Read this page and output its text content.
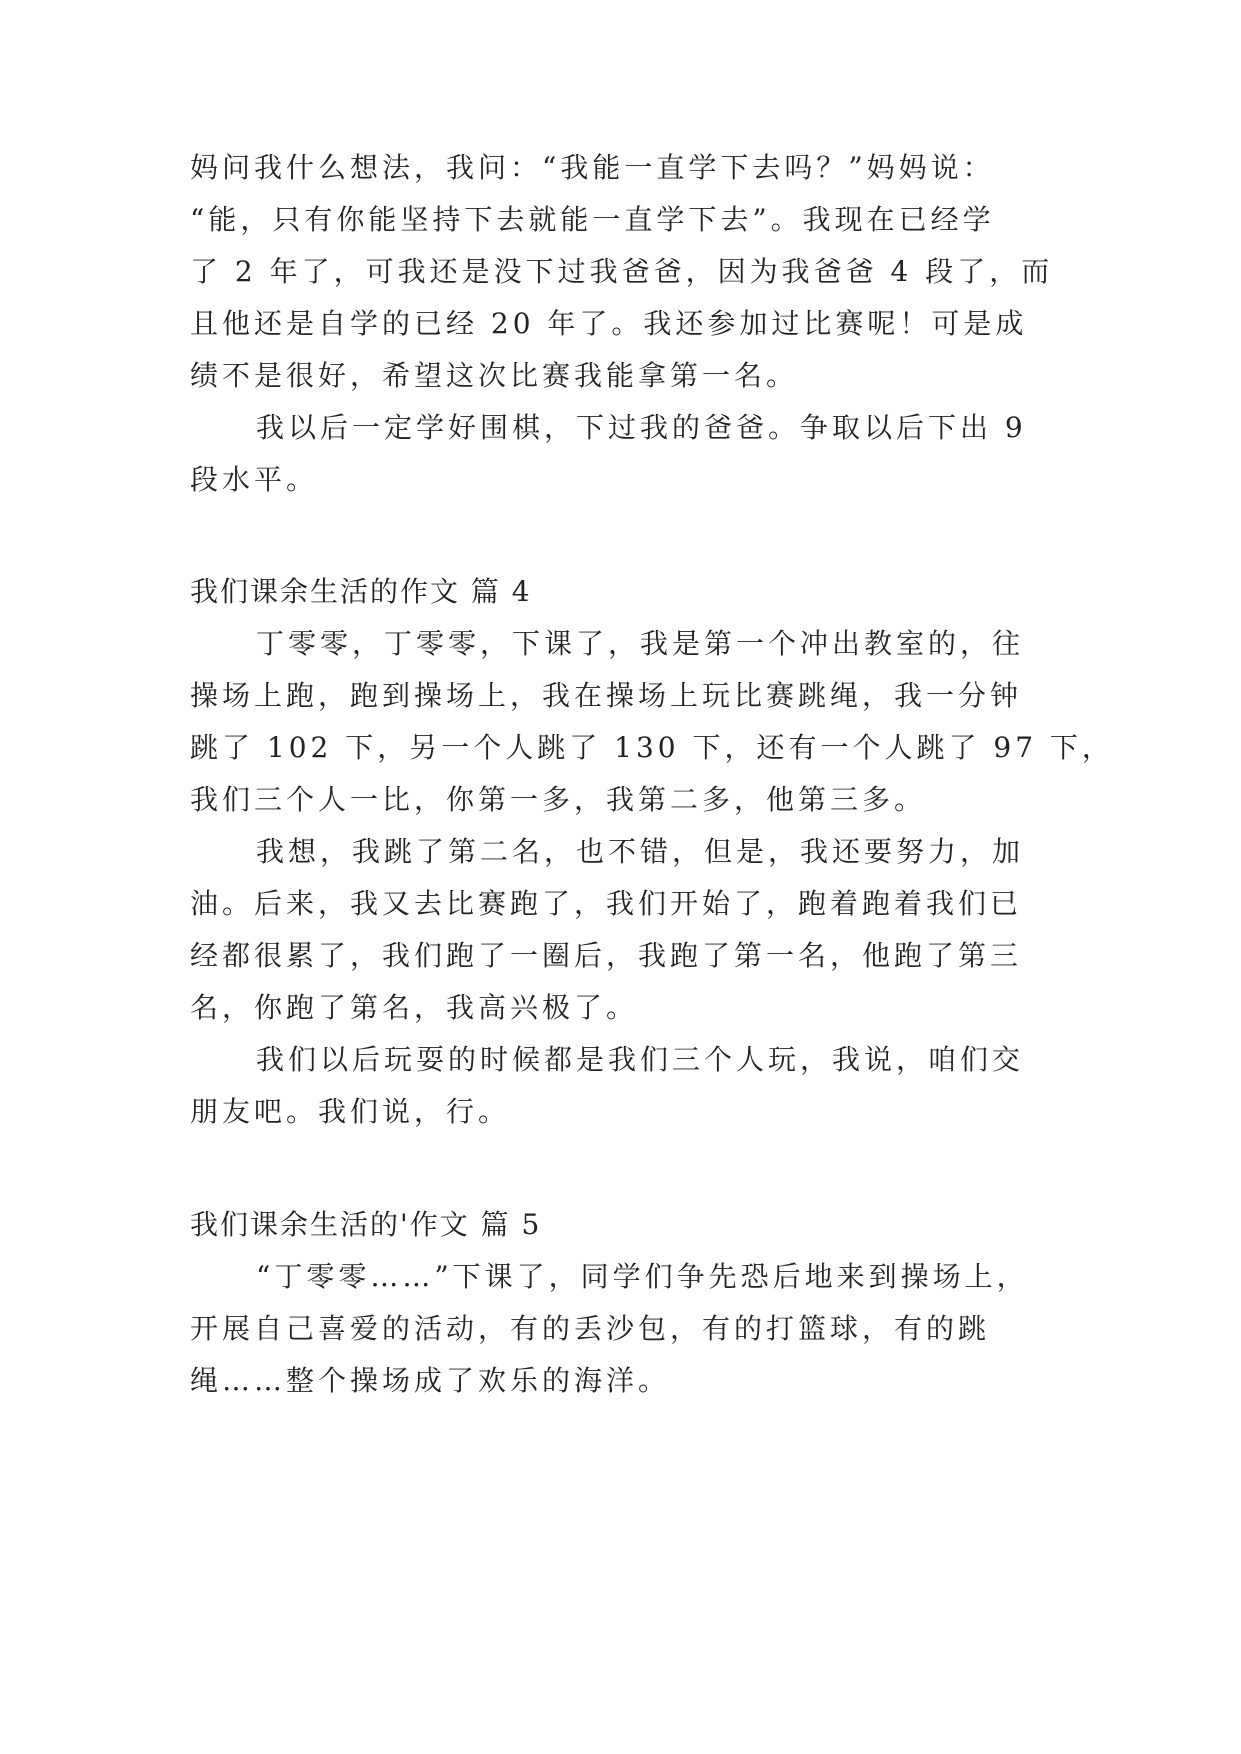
妈问我什么想法，我问：“我能一直学下去吗？”妈妈说：
“能，只有你能坚持下去就能一直学下去”。我现在已经学
了 2 年了，可我还是没下过我爸爸，因为我爸爸 4 段了，而
且他还是自学的已经 20 年了。我还参加过比赛呢！可是成
绩不是很好，希望这次比赛我能拿第一名。
我以后一定学好围棋，下过我的爸爸。争取以后下出 9
段水平。
我们课余生活的作文 篇 4
丁零零，丁零零，下课了，我是第一个冲出教室的，往
操场上跑，跑到操场上，我在操场上玩比赛跳绳，我一分钟
跳了 102 下，另一个人跳了 130 下，还有一个人跳了 97 下，
我们三个人一比，你第一多，我第二多，他第三多。
我想，我跳了第二名，也不错，但是，我还要努力，加
油。后来，我又去比赛跑了，我们开始了，跑着跑着我们已
经都很累了，我们跑了一圈后，我跑了第一名，他跑了第三
名，你跑了第名，我高兴极了。
我们以后玩耍的时候都是我们三个人玩，我说，咱们交
朋友吧。我们说，行。
我们课余生活的'作文 篇 5
“丁零零……”下课了，同学们争先恐后地来到操场上，
开展自己喜爱的活动，有的丢沙包，有的打篮球，有的跳
绳……整个操场成了欢乐的海洋。
